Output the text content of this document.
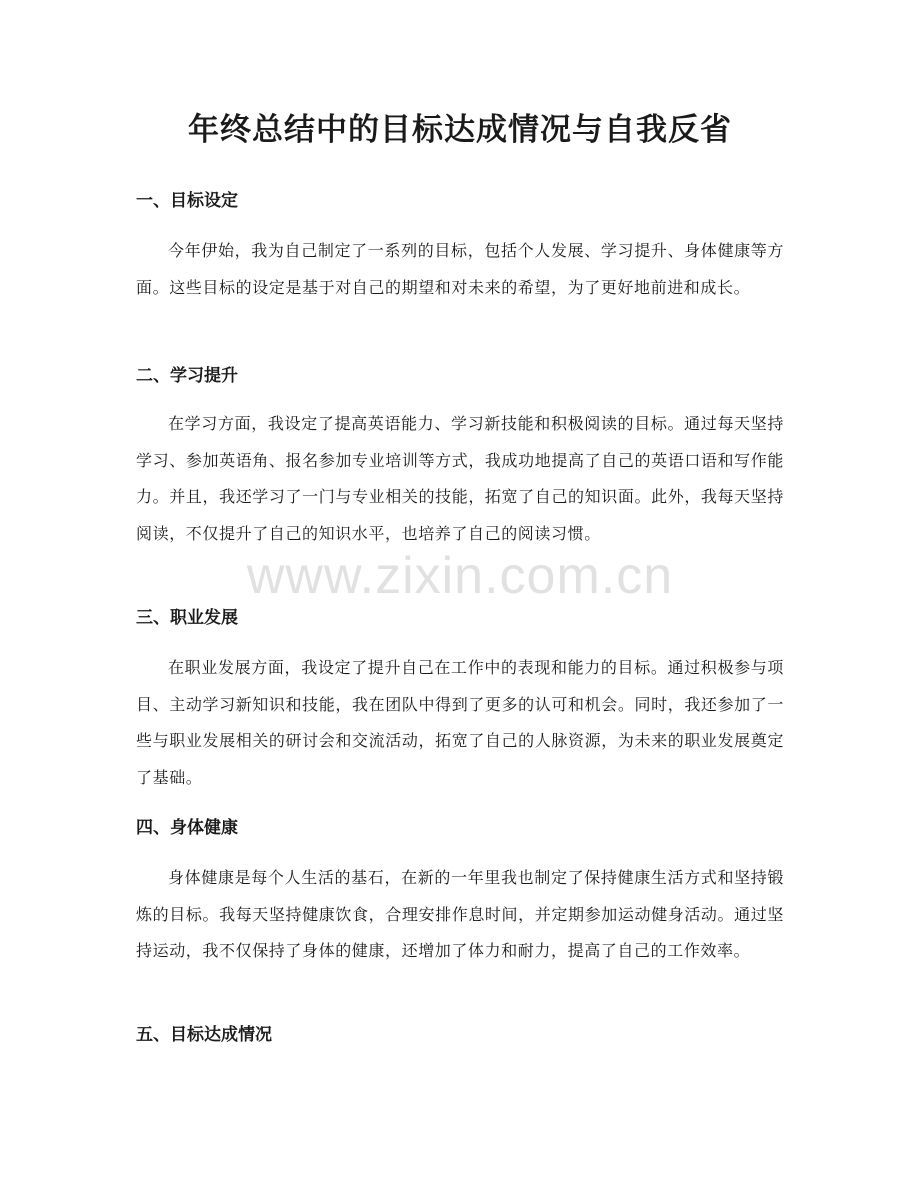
年终总结中的目标达成情况与自我反省
一、目标设定

今年伊始，我为自己制定了一系列的目标，包括个人发展、学习提升、身体健康等方面。这些目标的设定是基于对自己的期望和对未来的希望，为了更好地前进和成长。

二、学习提升

在学习方面，我设定了提高英语能力、学习新技能和积极阅读的目标。通过每天坚持学习、参加英语角、报名参加专业培训等方式，我成功地提高了自己的英语口语和写作能力。并且，我还学习了一门与专业相关的技能，拓宽了自己的知识面。此外，我每天坚持阅读，不仅提升了自己的知识水平，也培养了自己的阅读习惯。

三、职业发展

在职业发展方面，我设定了提升自己在工作中的表现和能力的目标。通过积极参与项目、主动学习新知识和技能，我在团队中得到了更多的认可和机会。同时，我还参加了一些与职业发展相关的研讨会和交流活动，拓宽了自己的人脉资源，为未来的职业发展奠定了基础。

四、身体健康

身体健康是每个人生活的基石，在新的一年里我也制定了保持健康生活方式和坚持锻炼的目标。我每天坚持健康饮食，合理安排作息时间，并定期参加运动健身活动。通过坚持运动，我不仅保持了身体的健康，还增加了体力和耐力，提高了自己的工作效率。

五、目标达成情况
www.zixin.com.cn
